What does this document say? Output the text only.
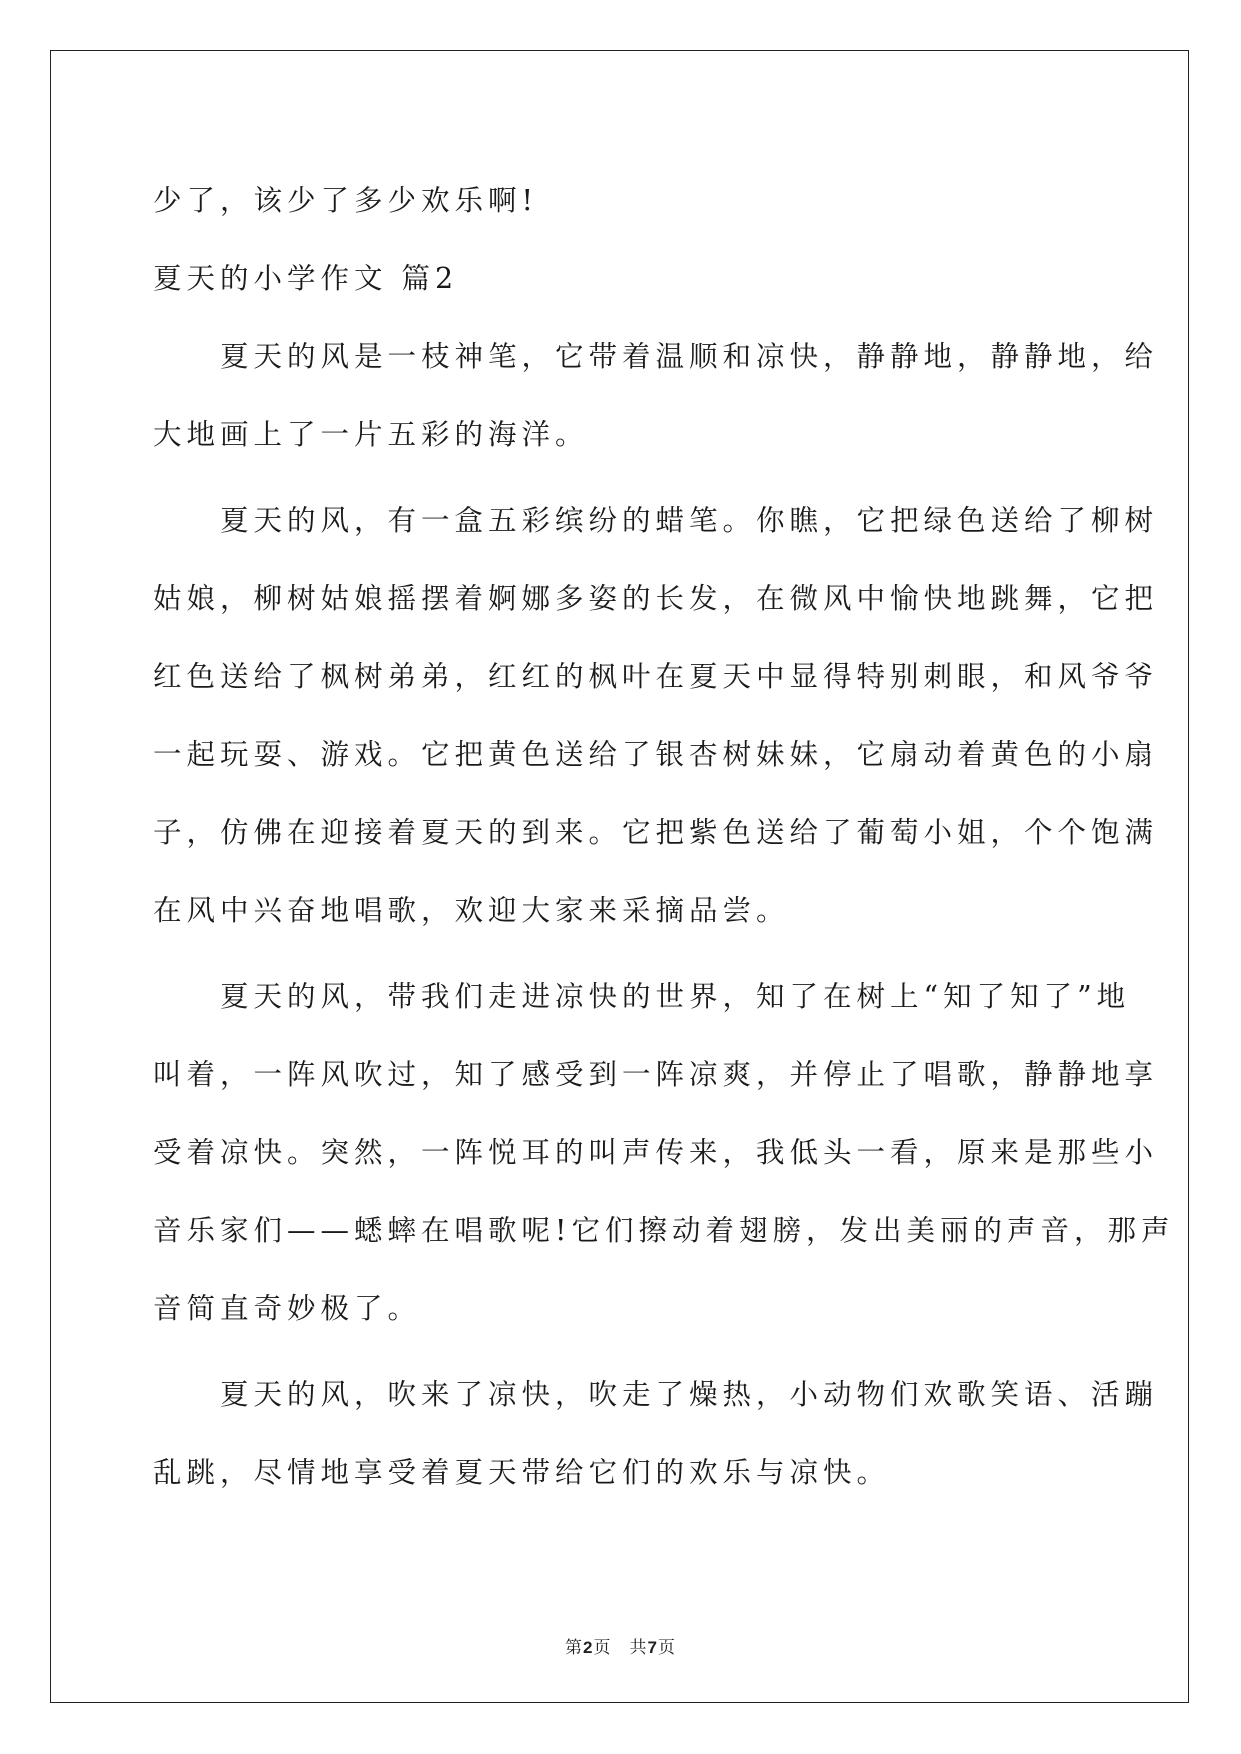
少了，该少了多少欢乐啊!
夏天的小学作文 篇2
夏天的风是一枝神笔，它带着温顺和凉快，静静地，静静地，给
大地画上了一片五彩的海洋。
夏天的风，有一盒五彩缤纷的蜡笔。你瞧，它把绿色送给了柳树
姑娘，柳树姑娘摇摆着婀娜多姿的长发，在微风中愉快地跳舞，它把
红色送给了枫树弟弟，红红的枫叶在夏天中显得特别刺眼，和风爷爷
一起玩耍、游戏。它把黄色送给了银杏树妹妹，它扇动着黄色的小扇
子，仿佛在迎接着夏天的到来。它把紫色送给了葡萄小姐，个个饱满
在风中兴奋地唱歌，欢迎大家来采摘品尝。
夏天的风，带我们走进凉快的世界，知了在树上“知了知了”地
叫着，一阵风吹过，知了感受到一阵凉爽，并停止了唱歌，静静地享
受着凉快。突然，一阵悦耳的叫声传来，我低头一看，原来是那些小
音乐家们——蟋蟀在唱歌呢!它们擦动着翅膀，发出美丽的声音，那声
音简直奇妙极了。
夏天的风，吹来了凉快，吹走了燥热，小动物们欢歌笑语、活蹦
乱跳，尽情地享受着夏天带给它们的欢乐与凉快。
第2页　共7页
